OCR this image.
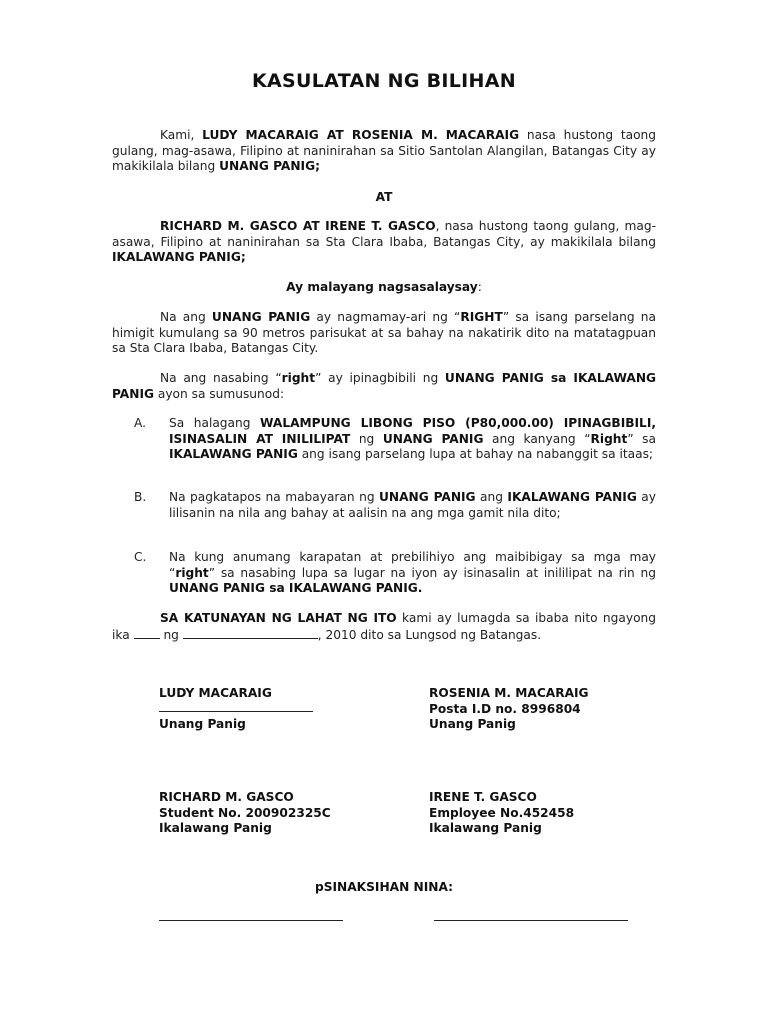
KASULATAN NG BILIHAN
Kami, LUDY MACARAIG AT ROSENIA M. MACARAIG nasa hustong taong gulang, mag-asawa, Filipino at naninirahan sa Sitio Santolan Alangilan, Batangas City ay makikilala bilang UNANG PANIG;
AT
RICHARD M. GASCO AT IRENE T. GASCO, nasa hustong taong gulang, mag-asawa, Filipino at naninirahan sa Sta Clara Ibaba, Batangas City, ay makikilala bilang IKALAWANG PANIG;
Ay malayang nagsasalaysay:
Na ang UNANG PANIG ay nagmamay-ari ng “RIGHT” sa isang parselang na himigit kumulang sa 90 metros parisukat at sa bahay na nakatirik dito na matatagpuan sa Sta Clara Ibaba, Batangas City.
Na ang nasabing “right” ay ipinagbibili ng UNANG PANIG sa IKALAWANG PANIG ayon sa sumusunod:
A. Sa halagang WALAMPUNG LIBONG PISO (P80,000.00) IPINAGBIBILI, ISINASALIN AT INILILIPAT ng UNANG PANIG ang kanyang “Right” sa IKALAWANG PANIG ang isang parselang lupa at bahay na nabanggit sa itaas;
B. Na pagkatapos na mabayaran ng UNANG PANIG ang IKALAWANG PANIG ay lilisanin na nila ang bahay at aalisin na ang mga gamit nila dito;
C. Na kung anumang karapatan at prebilihiyo ang maibibigay sa mga may “right” sa nasabing lupa sa lugar na iyon ay isinasalin at inililipat na rin ng UNANG PANIG sa IKALAWANG PANIG.
SA KATUNAYAN NG LAHAT NG ITO kami ay lumagda sa ibaba nito ngayong ika  ng	, 2010 dito sa Lungsod ng Batangas.
LUDY MACARAIG
Unang Panig
ROSENIA M. MACARAIG
Posta I.D no. 8996804
Unang Panig
RICHARD M. GASCO
Student No. 200902325C
Ikalawang Panig
IRENE T. GASCO
Employee No.452458
Ikalawang Panig
pSINAKSIHAN NINA:
